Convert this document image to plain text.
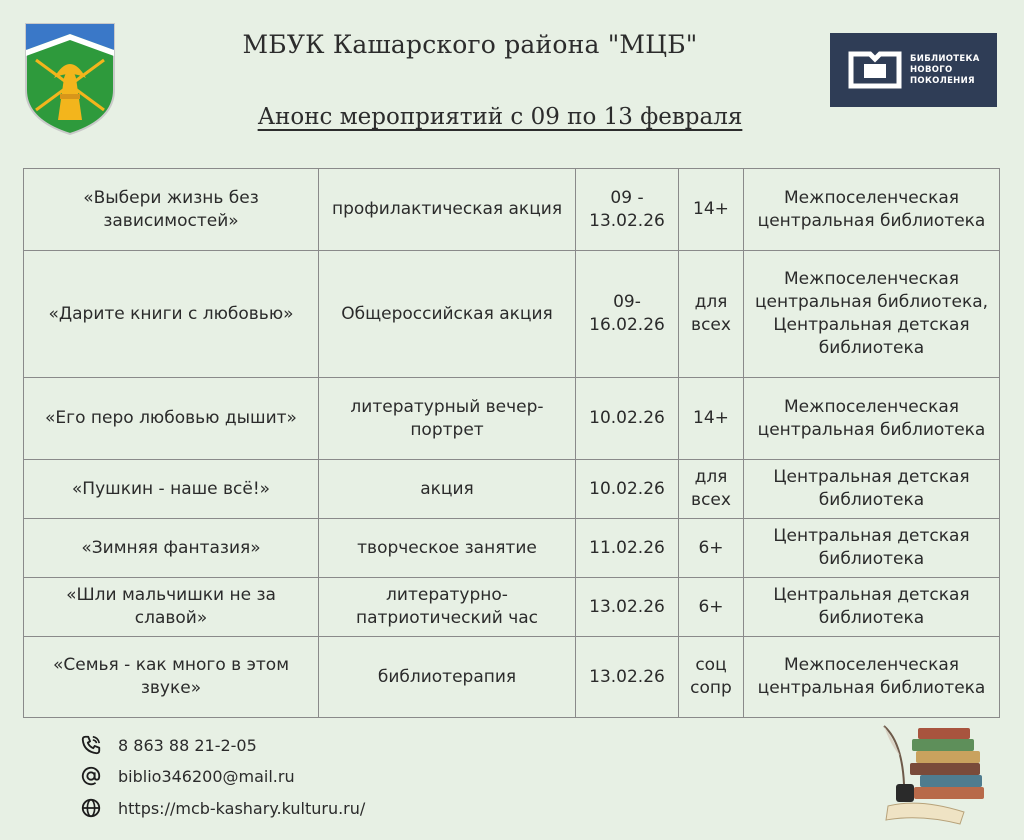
МБУК Кашарского района "МЦБ"
Анонс мероприятий с 09 по 13 февраля
БИБЛИОТЕКА
НОВОГО
ПОКОЛЕНИЯ
«Выбери жизнь без зависимостей»	профилактическая акция	09 - 13.02.26	14+	Межпоселенческая центральная библиотека
«Дарите книги с любовью»	Общероссийская акция	09-16.02.26	для всех	Межпоселенческая центральная библиотека, Центральная детская библиотека
«Его перо любовью дышит»	литературный вечер-портрет	10.02.26	14+	Межпоселенческая центральная библиотека
«Пушкин - наше всё!»	акция	10.02.26	для всех	Центральная детская библиотека
«Зимняя фантазия»	творческое занятие	11.02.26	6+	Центральная детская библиотека
«Шли мальчишки не за славой»	литературно-патриотический час	13.02.26	6+	Центральная детская библиотека
«Семья - как много в этом звуке»	библиотерапия	13.02.26	соц сопр	Межпоселенческая центральная библиотека
8 863 88 21-2-05
biblio346200@mail.ru
https://mcb-kashary.kulturu.ru/
